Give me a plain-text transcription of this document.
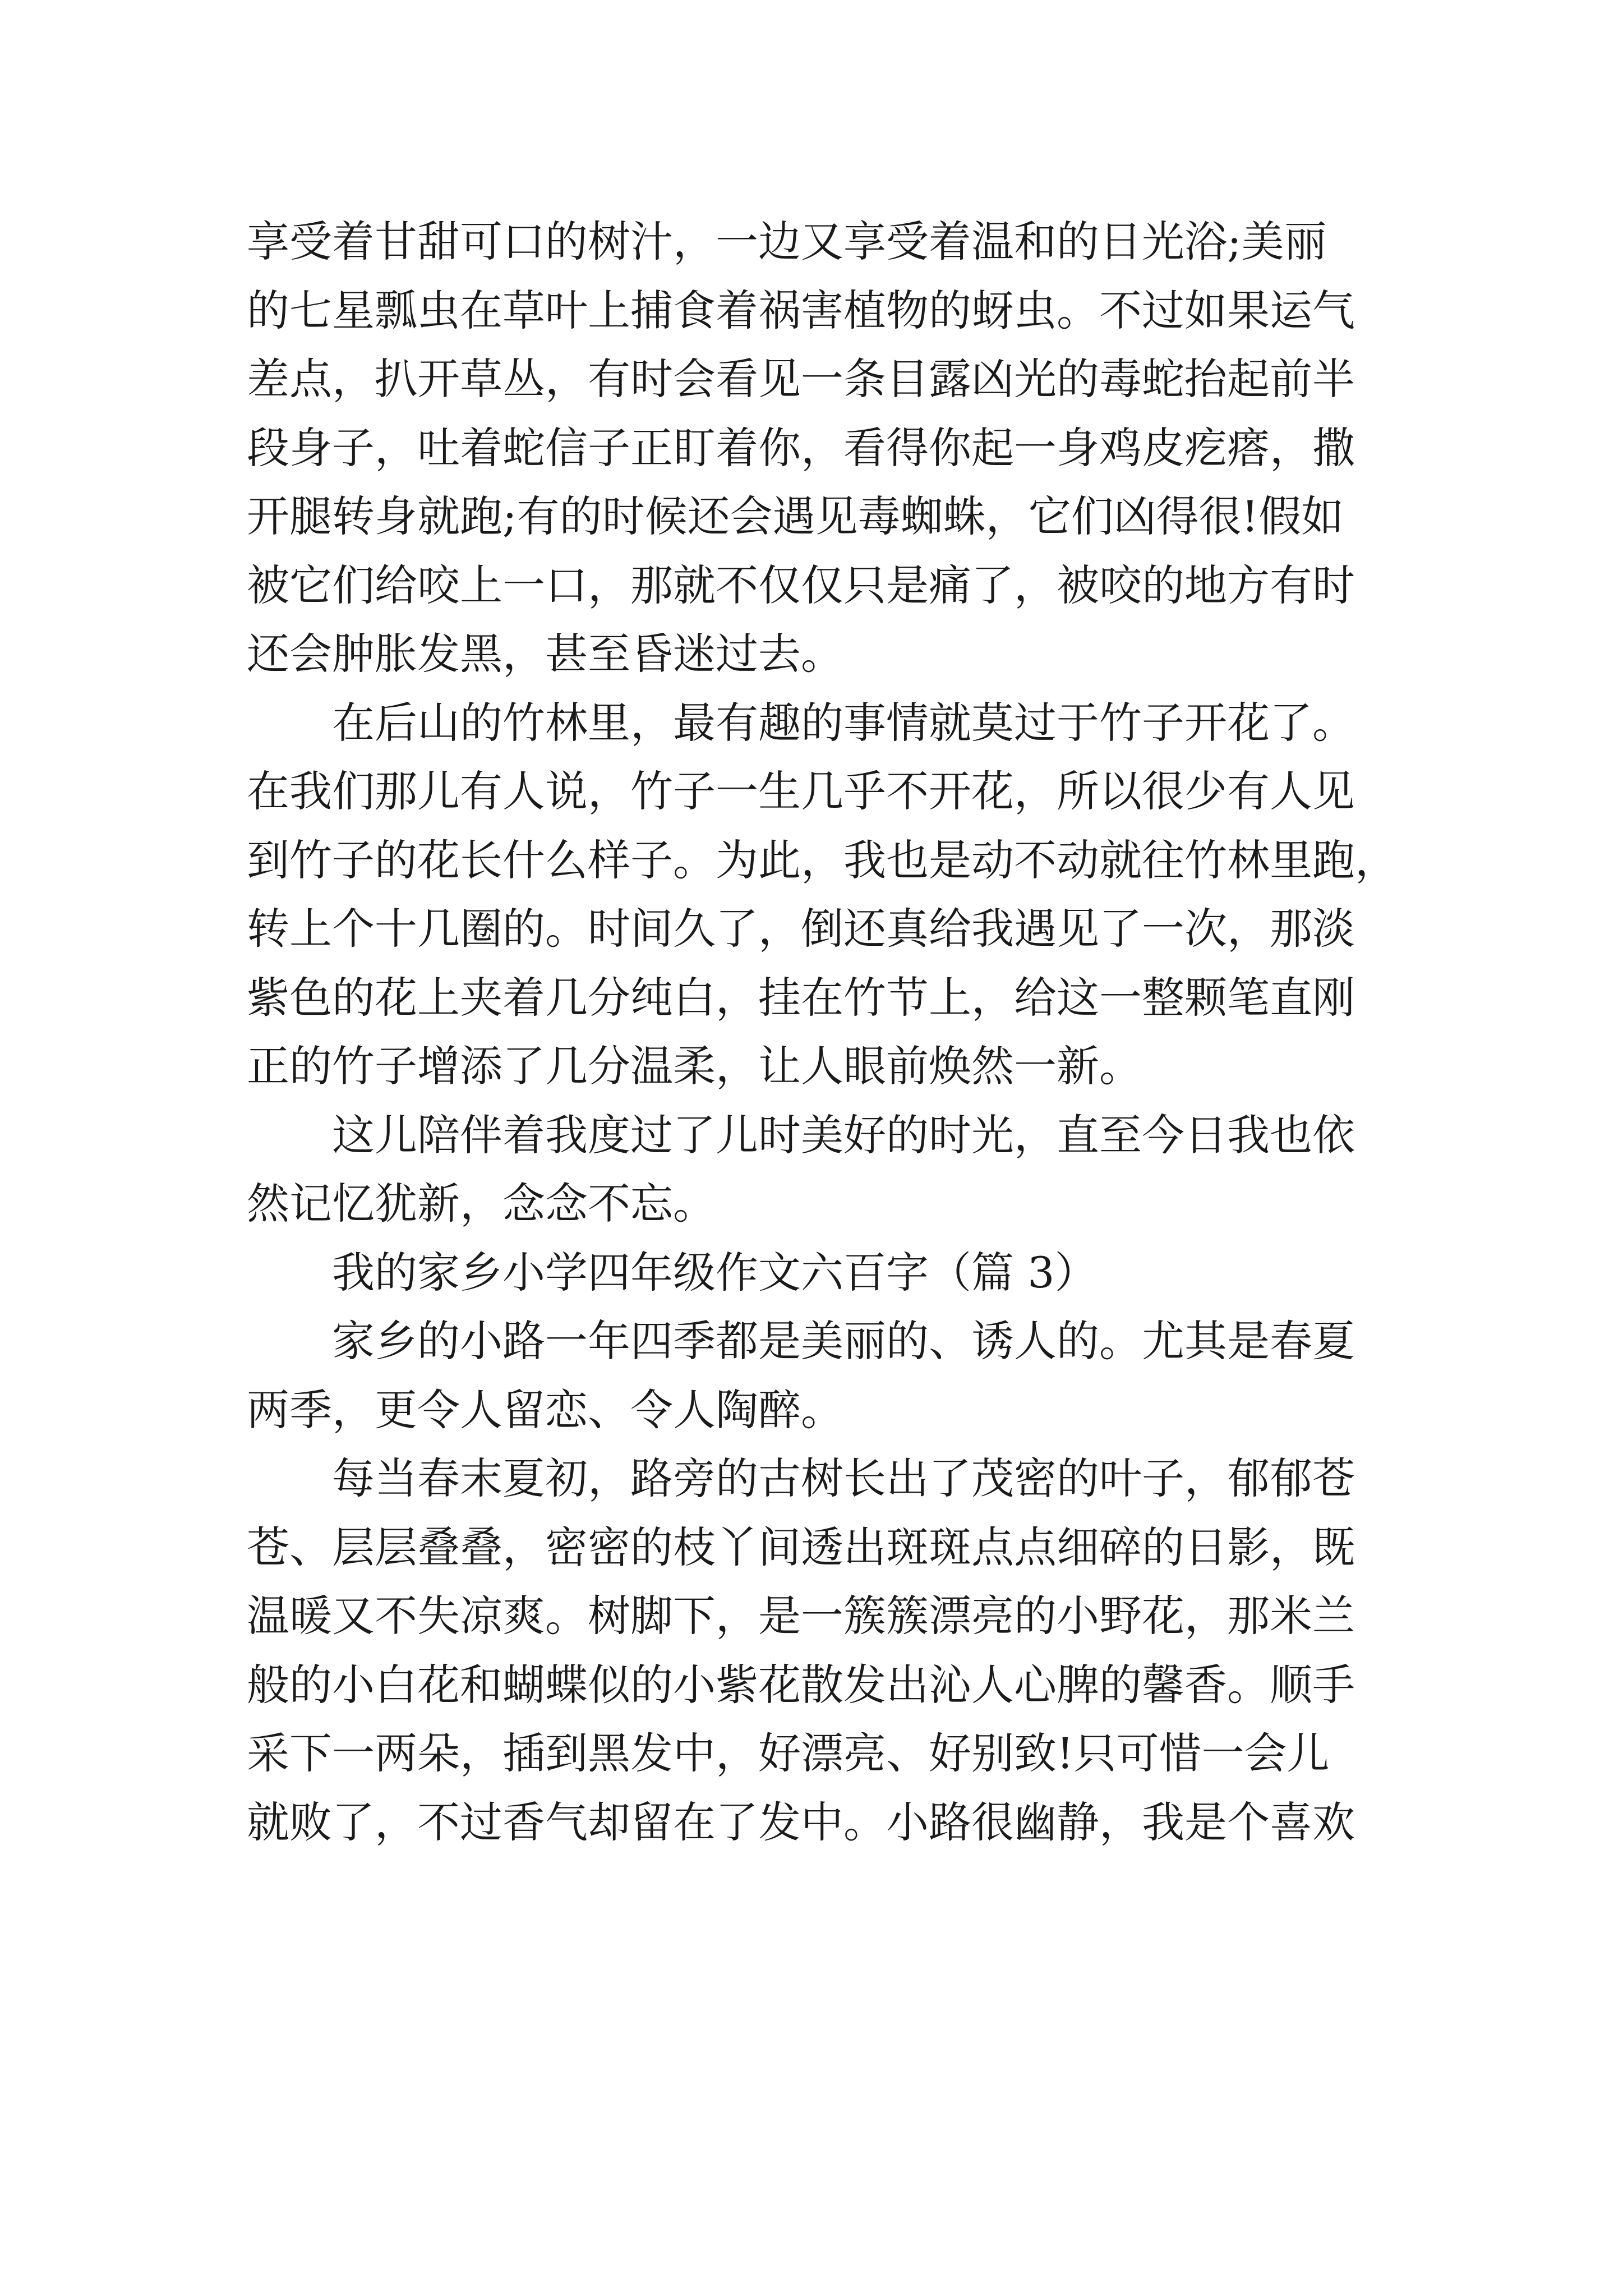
享受着甘甜可口的树汁，一边又享受着温和的日光浴;美丽
的七星瓢虫在草叶上捕食着祸害植物的蚜虫。不过如果运气
差点，扒开草丛，有时会看见一条目露凶光的毒蛇抬起前半
段身子，吐着蛇信子正盯着你，看得你起一身鸡皮疙瘩，撒
开腿转身就跑;有的时候还会遇见毒蜘蛛，它们凶得很!假如
被它们给咬上一口，那就不仅仅只是痛了，被咬的地方有时
还会肿胀发黑，甚至昏迷过去。
在后山的竹林里，最有趣的事情就莫过于竹子开花了。
在我们那儿有人说，竹子一生几乎不开花，所以很少有人见
到竹子的花长什么样子。为此，我也是动不动就往竹林里跑，
转上个十几圈的。时间久了，倒还真给我遇见了一次，那淡
紫色的花上夹着几分纯白，挂在竹节上，给这一整颗笔直刚
正的竹子增添了几分温柔，让人眼前焕然一新。
这儿陪伴着我度过了儿时美好的时光，直至今日我也依
然记忆犹新，念念不忘。
我的家乡小学四年级作文六百字（篇 3）
家乡的小路一年四季都是美丽的、诱人的。尤其是春夏
两季，更令人留恋、令人陶醉。
每当春末夏初，路旁的古树长出了茂密的叶子，郁郁苍
苍、层层叠叠，密密的枝丫间透出斑斑点点细碎的日影，既
温暖又不失凉爽。树脚下，是一簇簇漂亮的小野花，那米兰
般的小白花和蝴蝶似的小紫花散发出沁人心脾的馨香。顺手
采下一两朵，插到黑发中，好漂亮、好别致!只可惜一会儿
就败了，不过香气却留在了发中。小路很幽静，我是个喜欢
